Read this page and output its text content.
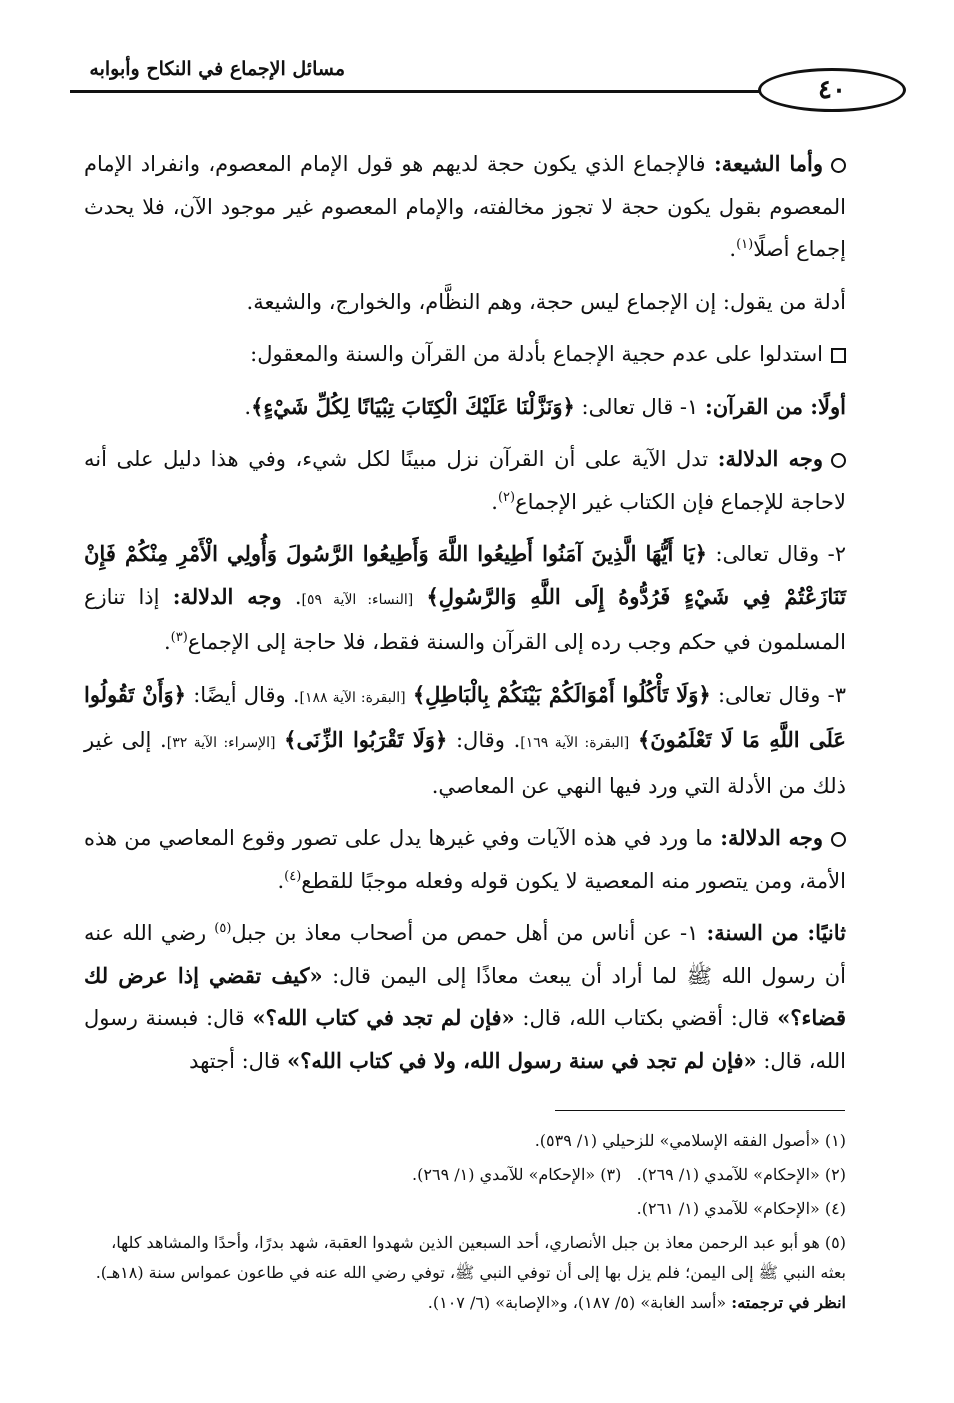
مسائل الإجماع في النكاح وأبوابه
٤٠

وأما الشيعة: فالإجماع الذي يكون حجة لديهم هو قول الإمام المعصوم، وانفراد الإمام المعصوم بقول يكون حجة لا تجوز مخالفته، والإمام المعصوم غير موجود الآن، فلا يحدث إجماع أصلًا$^{(١)}$.

أدلة من يقول: إن الإجماع ليس حجة، وهم النظَّام، والخوارج، والشيعة.

استدلوا على عدم حجية الإجماع بأدلة من القرآن والسنة والمعقول:

أولًا: من القرآن: ١- قال تعالى: ﴿وَنَزَّلْنَا عَلَيْكَ الْكِتَابَ تِبْيَانًا لِكُلِّ شَيْءٍ﴾.

وجه الدلالة: تدل الآية على أن القرآن نزل مبينًا لكل شيء، وفي هذا دليل على أنه لاحاجة للإجماع فإن الكتاب غير الإجماع$^{(٢)}$.

٢- وقال تعالى: ﴿يَا أَيُّهَا الَّذِينَ آمَنُوا أَطِيعُوا اللَّهَ وَأَطِيعُوا الرَّسُولَ وَأُولِي الْأَمْرِ مِنْكُمْ فَإِنْ تَنَازَعْتُمْ فِي شَيْءٍ فَرُدُّوهُ إِلَى اللَّهِ وَالرَّسُولِ﴾ [النساء: الآية ٥٩]. وجه الدلالة: إذا تنازع المسلمون في حكم وجب رده إلى القرآن والسنة فقط، فلا حاجة إلى الإجماع$^{(٣)}$.

٣- وقال تعالى: ﴿وَلَا تَأْكُلُوا أَمْوَالَكُمْ بَيْنَكُمْ بِالْبَاطِلِ﴾ [البقرة: الآية ١٨٨]. وقال أيضًا: ﴿وَأَنْ تَقُولُوا عَلَى اللَّهِ مَا لَا تَعْلَمُونَ﴾ [البقرة: الآية ١٦٩]. وقال: ﴿وَلَا تَقْرَبُوا الزِّنَى﴾ [الإسراء: الآية ٣٢]. إلى غير ذلك من الأدلة التي ورد فيها النهي عن المعاصي.

وجه الدلالة: ما ورد في هذه الآيات وفي غيرها يدل على تصور وقوع المعاصي من هذه الأمة، ومن يتصور منه المعصية لا يكون قوله وفعله موجبًا للقطع$^{(٤)}$.

ثانيًا: من السنة: ١- عن أناس من أهل حمص من أصحاب معاذ بن جبل$^{(٥)}$ رضي الله عنه أن رسول الله ﷺ لما أراد أن يبعث معاذًا إلى اليمن قال: «كيف تقضي إذا عرض لك قضاء؟» قال: أقضي بكتاب الله، قال: «فإن لم تجد في كتاب الله؟» قال: فبسنة رسول الله، قال: «فإن لم تجد في سنة رسول الله، ولا في كتاب الله؟» قال: أجتهد

(١) «أصول الفقه الإسلامي» للزحيلي (١/ ٥٣٩).

(٢) «الإحكام» للآمدي (١/ ٢٦٩).   (٣) «الإحكام» للآمدي (١/ ٢٦٩).

(٤) «الإحكام» للآمدي (١/ ٢٦١).

(٥) هو أبو عبد الرحمن معاذ بن جبل الأنصاري، أحد السبعين الذين شهدوا العقبة، شهد بدرًا، وأحدًا والمشاهد كلها، بعثه النبي ﷺ إلى اليمن؛ فلم يزل بها إلى أن توفي النبي ﷺ، توفي رضي الله عنه في طاعون عمواس سنة (١٨هـ). انظر في ترجمته: «أسد الغابة» (٥/ ١٨٧)، و«الإصابة» (٦/ ١٠٧).
